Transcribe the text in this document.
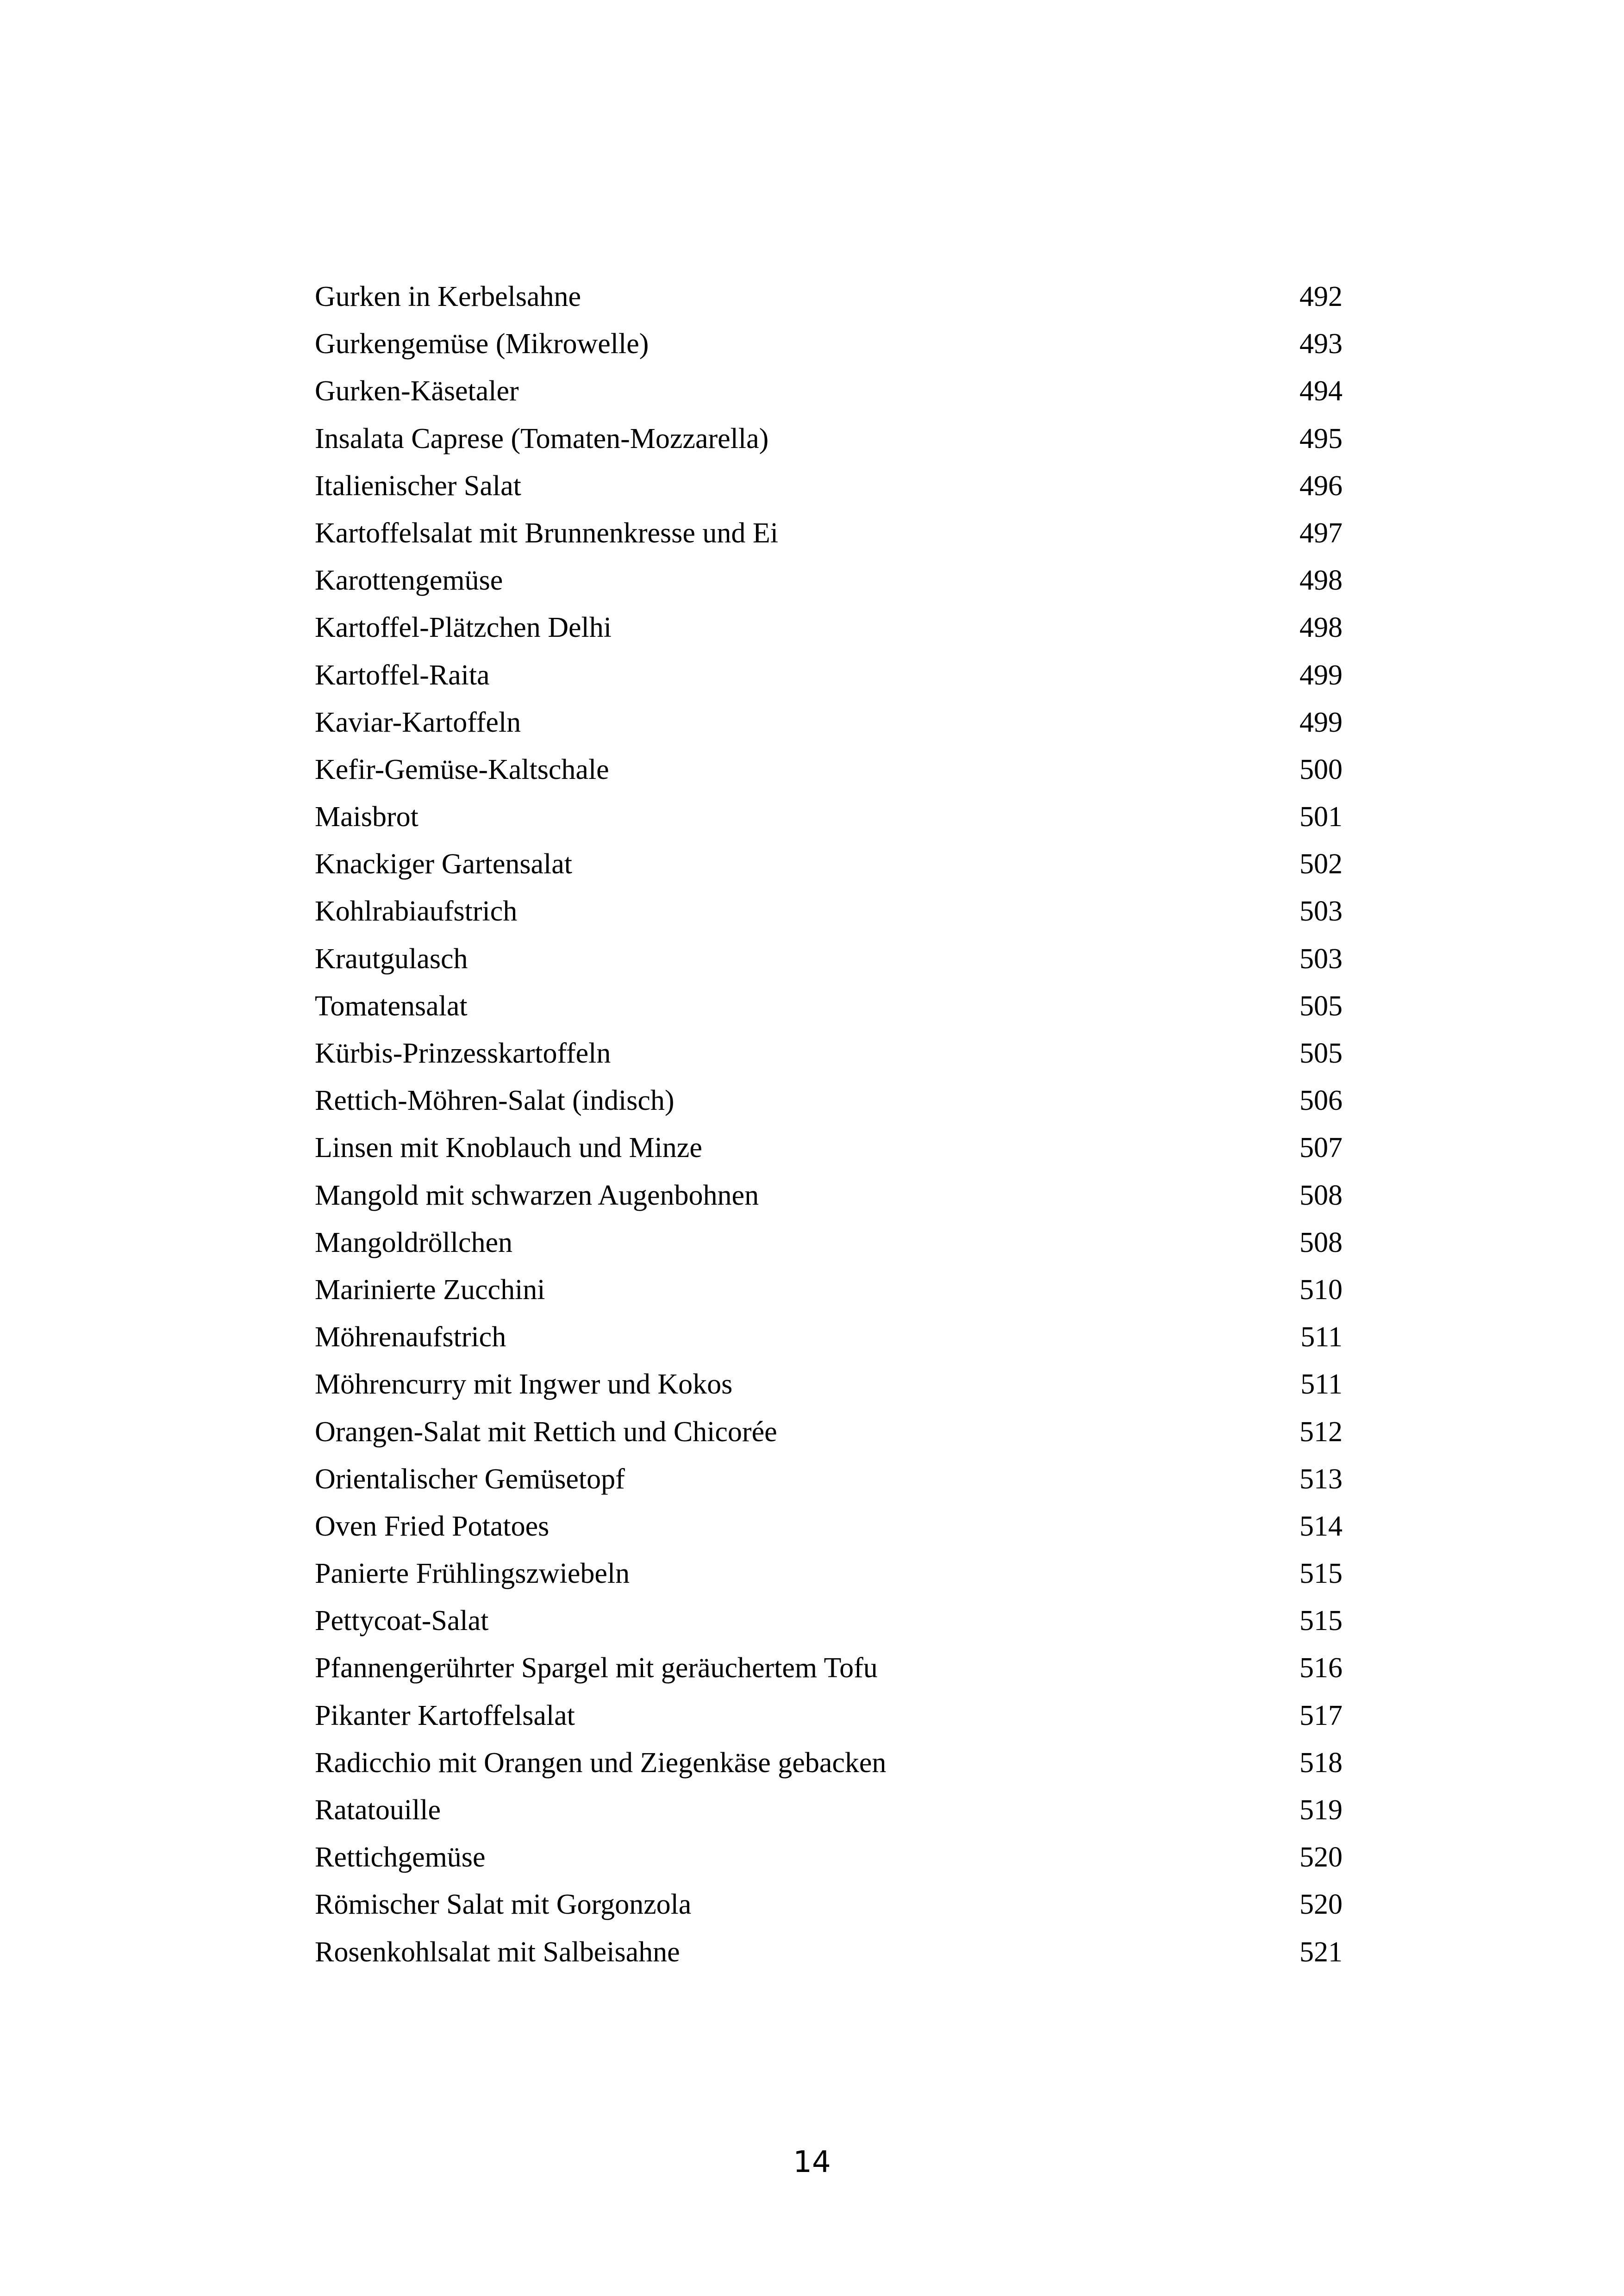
Gurken in Kerbelsahne	492
Gurkengemüse (Mikrowelle)	493
Gurken-Käsetaler	494
Insalata Caprese (Tomaten-Mozzarella)	495
Italienischer Salat	496
Kartoffelsalat mit Brunnenkresse und Ei	497
Karottengemüse	498
Kartoffel-Plätzchen Delhi	498
Kartoffel-Raita	499
Kaviar-Kartoffeln	499
Kefir-Gemüse-Kaltschale	500
Maisbrot	501
Knackiger Gartensalat	502
Kohlrabiaufstrich	503
Krautgulasch	503
Tomatensalat	505
Kürbis-Prinzesskartoffeln	505
Rettich-Möhren-Salat (indisch)	506
Linsen mit Knoblauch und Minze	507
Mangold mit schwarzen Augenbohnen	508
Mangoldröllchen	508
Marinierte Zucchini	510
Möhrenaufstrich	511
Möhrencurry mit Ingwer und Kokos	511
Orangen-Salat mit Rettich und Chicorée	512
Orientalischer Gemüsetopf	513
Oven Fried Potatoes	514
Panierte Frühlingszwiebeln	515
Pettycoat-Salat	515
Pfannengerührter Spargel mit geräuchertem Tofu	516
Pikanter Kartoffelsalat	517
Radicchio mit Orangen und Ziegenkäse gebacken	518
Ratatouille	519
Rettichgemüse	520
Römischer Salat mit Gorgonzola	520
Rosenkohlsalat mit Salbeisahne	521
14
